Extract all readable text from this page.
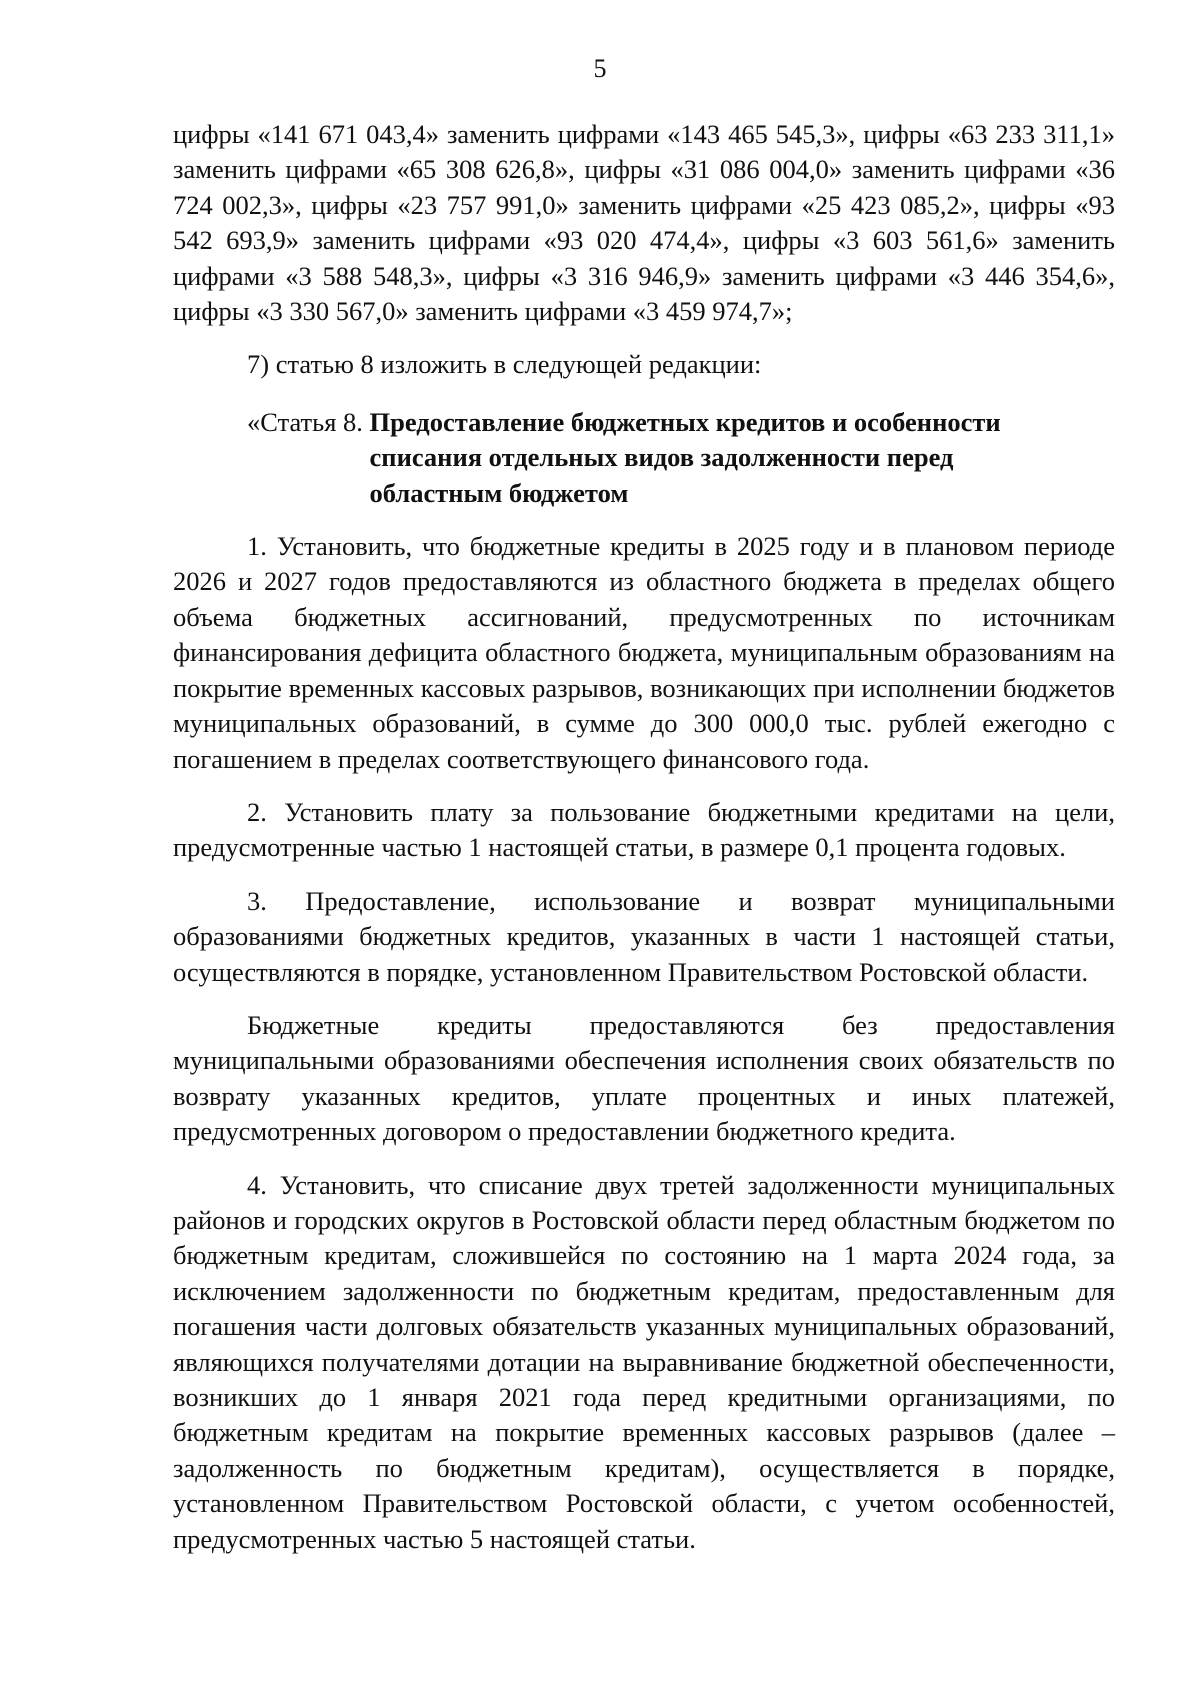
5

цифры «141 671 043,4» заменить цифрами «143 465 545,3», цифры «63 233 311,1» заменить цифрами «65 308 626,8», цифры «31 086 004,0» заменить цифрами «36 724 002,3», цифры «23 757 991,0» заменить цифрами «25 423 085,2», цифры «93 542 693,9» заменить цифрами «93 020 474,4», цифры «3 603 561,6» заменить цифрами «3 588 548,3», цифры «3 316 946,9» заменить цифрами «3 446 354,6», цифры «3 330 567,0» заменить цифрами «3 459 974,7»;

7) статью 8 изложить в следующей редакции:

«Статья 8. Предоставление бюджетных кредитов и особенности списания отдельных видов задолженности перед областным бюджетом

1. Установить, что бюджетные кредиты в 2025 году и в плановом периоде 2026 и 2027 годов предоставляются из областного бюджета в пределах общего объема бюджетных ассигнований, предусмотренных по источникам финансирования дефицита областного бюджета, муниципальным образованиям на покрытие временных кассовых разрывов, возникающих при исполнении бюджетов муниципальных образований, в сумме до 300 000,0 тыс. рублей ежегодно с погашением в пределах соответствующего финансового года.

2. Установить плату за пользование бюджетными кредитами на цели, предусмотренные частью 1 настоящей статьи, в размере 0,1 процента годовых.

3. Предоставление, использование и возврат муниципальными образованиями бюджетных кредитов, указанных в части 1 настоящей статьи, осуществляются в порядке, установленном Правительством Ростовской области.

Бюджетные кредиты предоставляются без предоставления муниципальными образованиями обеспечения исполнения своих обязательств по возврату указанных кредитов, уплате процентных и иных платежей, предусмотренных договором о предоставлении бюджетного кредита.

4. Установить, что списание двух третей задолженности муниципальных районов и городских округов в Ростовской области перед областным бюджетом по бюджетным кредитам, сложившейся по состоянию на 1 марта 2024 года, за исключением задолженности по бюджетным кредитам, предоставленным для погашения части долговых обязательств указанных муниципальных образований, являющихся получателями дотации на выравнивание бюджетной обеспеченности, возникших до 1 января 2021 года перед кредитными организациями, по бюджетным кредитам на покрытие временных кассовых разрывов (далее – задолженность по бюджетным кредитам), осуществляется в порядке, установленном Правительством Ростовской области, с учетом особенностей, предусмотренных частью 5 настоящей статьи.
